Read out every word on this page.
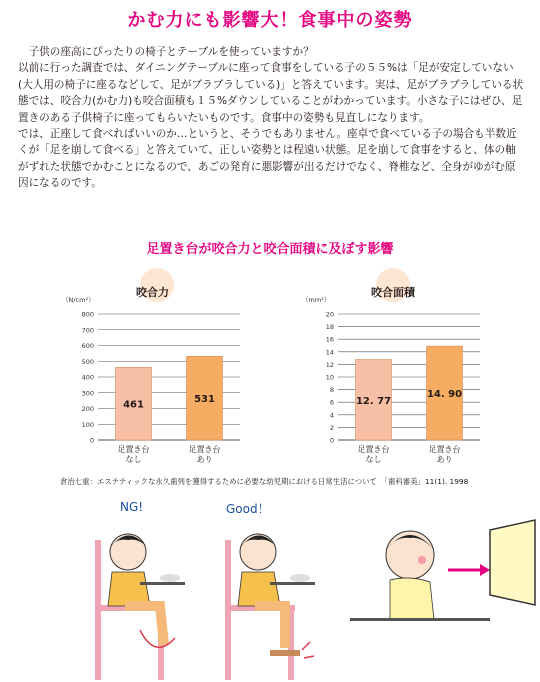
かむ力にも影響大！食事中の姿勢

子供の座高にぴったりの椅子とテーブルを使っていますか？

以前に行った調査では、ダイニングテーブルに座って食事をしている子の５５%は「足が安定していない(大人用の椅子に座るなどして、足がブラブラしている)」と答えています。実は、足がブラブラしている状態では、咬合力(かむ力)も咬合面積も１５%ダウンしていることがわかっています。小さな子にはぜひ、足置きのある子供椅子に座ってもらいたいものです。食事中の姿勢も見直しになります。

では、正座して食べればいいのか…というと、そうでもありません。座卓で食べている子の場合も半数近くが「足を崩して食べる」と答えていて、正しい姿勢とは程遠い状態。足を崩して食事をすると、体の軸がずれた状態でかむことになるので、あごの発育に悪影響が出るだけでなく、脊椎など、全身がゆがむ原因になるのです。

足置き台が咬合力と咬合面積に及ぼす影響
咬合力	咬合面積
（N/cm²）
0
100
200
300
400
500
600
700
800
461
足置き台
なし
531
足置き台
あり
（mm²）
0
2
4
6
8
10
12
14
16
18
20
12. 77
足置き台
なし
14. 90
足置き台
あり
倉治七重：エステティックな永久歯列を獲得するために必要な幼児期における日常生活について　「歯科審美」11(1). 1998
NG!	Good！
